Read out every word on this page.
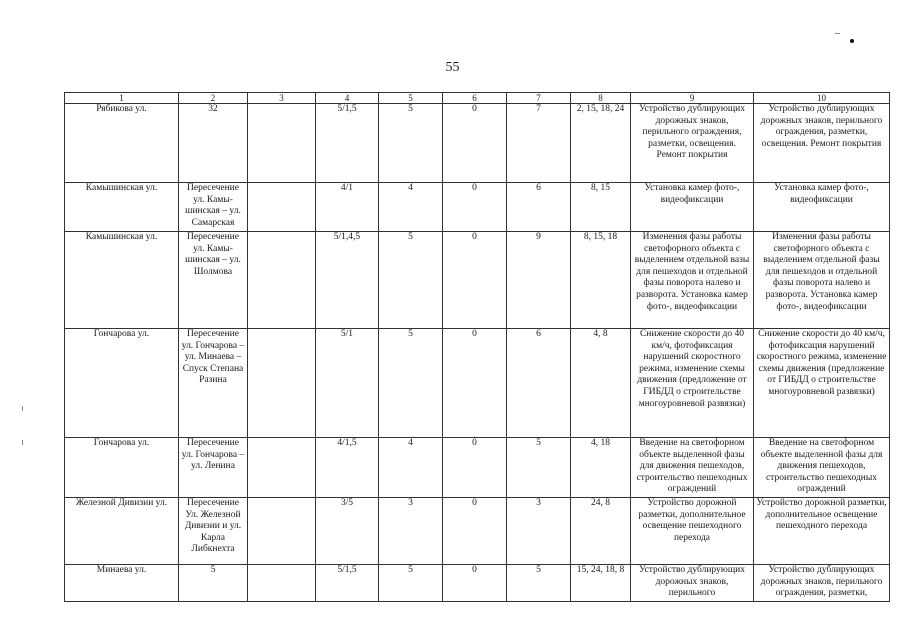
55
1	2	3	4	5	6	7	8	9	10
Рябикова ул.	32		5/1,5	5	0	7	2, 15, 18, 24	Устройство дублирующих дорожных знаков, перильного ограждения, разметки, освещения. Ремонт покрытия	Устройство дублирующих дорожных знаков, перильного ограждения, разметки, освещения. Ремонт покрытия
Камышинская ул.	Пересечение ул. Камы-шинская – ул. Самарская		4/1	4	0	6	8, 15	Установка камер фото-, видеофиксации	Установка камер фото-, видеофиксации
Камышинская ул.	Пересечение ул. Камы-шинская – ул. Шолмова		5/1,4,5	5	0	9	8, 15, 18	Изменения фазы работы светофорного объекта с выделением отдельной вазы для пешеходов и отдельной фазы поворота налево и разворота. Установка камер фото-, видеофиксации	Изменения фазы работы светофорного объекта с выделением отдельной фазы для пешеходов и отдельной фазы поворота налево и разворота. Установка камер фото-, видеофиксации
Гончарова ул.	Пересечение ул. Гончарова – ул. Минаева – Спуск Степана Разина		5/1	5	0	6	4, 8	Снижение скорости до 40 км/ч, фотофиксация нарушений скоростного режима, изменение схемы движения (предложение от ГИБДД о строительстве многоуровневой развязки)	Снижение скорости до 40 км/ч, фотофиксация нарушений скоростного режима, изменение схемы движения (предложение от ГИБДД о строительстве многоуровневой развязки)
Гончарова ул.	Пересечение ул. Гончарова – ул. Ленина		4/1,5	4	0	5	4, 18	Введение на светофорном объекте выделенной фазы для движения пешеходов, строительство пешеходных ограждений	Введение на светофорном объекте выделенной фазы для движения пешеходов, строительство пешеходных ограждений
Железной Дивизии ул.	Пересечение Ул. Железной Дивизии и ул. Карла Либкнехта		3/5	3	0	3	24, 8	Устройство дорожной разметки, дополнительное освещение пешеходного перехода	Устройство дорожной разметки, дополнительное освещение пешеходного перехода
Минаева ул.	5		5/1,5	5	0	5	15, 24, 18, 8	Устройство дублирующих дорожных знаков, перильного	Устройство дублирующих дорожных знаков, перильного ограждения, разметки,
